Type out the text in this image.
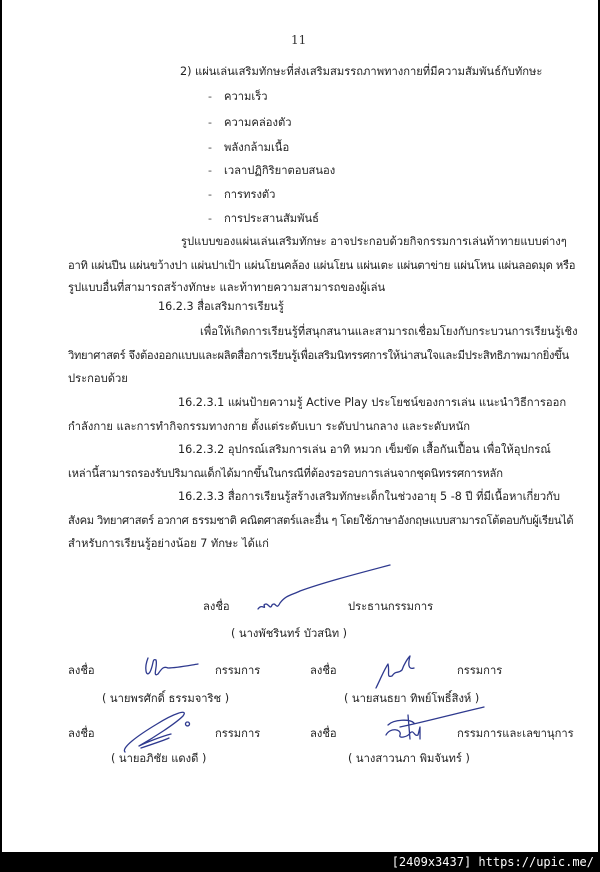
11
2) แผ่นเล่นเสริมทักษะที่ส่งเสริมสมรรถภาพทางกายที่มีความสัมพันธ์กับทักษะ
- ความเร็ว
- ความคล่องตัว
- พลังกล้ามเนื้อ
- เวลาปฏิกิริยาตอบสนอง
- การทรงตัว
- การประสานสัมพันธ์
รูปแบบของแผ่นเล่นเสริมทักษะ อาจประกอบด้วยกิจกรรมการเล่นท้าทายแบบต่างๆ
อาทิ แผ่นปีน แผ่นขว้างปา แผ่นปาเป้า แผ่นโยนคล้อง แผ่นโยน แผ่นเตะ แผ่นตาข่าย แผ่นโหน แผ่นลอดมุด หรือ
รูปแบบอื่นที่สามารถสร้างทักษะ และท้าทายความสามารถของผู้เล่น
16.2.3 สื่อเสริมการเรียนรู้
เพื่อให้เกิดการเรียนรู้ที่สนุกสนานและสามารถเชื่อมโยงกับกระบวนการเรียนรู้เชิง
วิทยาศาสตร์ จึงต้องออกแบบและผลิตสื่อการเรียนรู้เพื่อเสริมนิทรรศการให้น่าสนใจและมีประสิทธิภาพมากยิ่งขึ้น
ประกอบด้วย
16.2.3.1 แผ่นป้ายความรู้ Active Play ประโยชน์ของการเล่น แนะนำวิธีการออก
กำลังกาย และการทำกิจกรรมทางกาย ตั้งแต่ระดับเบา ระดับปานกลาง และระดับหนัก
16.2.3.2 อุปกรณ์เสริมการเล่น อาทิ หมวก เข็มขัด เสื้อกันเปื้อน เพื่อให้อุปกรณ์
เหล่านี้สามารถรองรับปริมาณเด็กได้มากขึ้นในกรณีที่ต้องรอรอบการเล่นจากชุดนิทรรศการหลัก
16.2.3.3 สื่อการเรียนรู้สร้างเสริมทักษะเด็กในช่วงอายุ 5 -8 ปี ที่มีเนื้อหาเกี่ยวกับ
สังคม วิทยาศาสตร์ อวกาศ ธรรมชาติ คณิตศาสตร์และอื่น ๆ โดยใช้ภาษาอังกฤษแบบสามารถโต้ตอบกับผู้เรียนได้
สำหรับการเรียนรู้อย่างน้อย 7 ทักษะ ได้แก่
ลงชื่อ	ประธานกรรมการ
( นางพัชรินทร์ บัวสนิท )
ลงชื่อ	กรรมการ
( นายพรศักดิ์ ธรรมจาริช )
ลงชื่อ	กรรมการ
( นายสนธยา ทิพย์โพธิ์สิงห์ )
ลงชื่อ	กรรมการ
( นายอภิชัย แดงดี )
ลงชื่อ	กรรมการและเลขานุการ
( นางสาวนภา พิมจันทร์ )
[2409x3437] https://upic.me/
